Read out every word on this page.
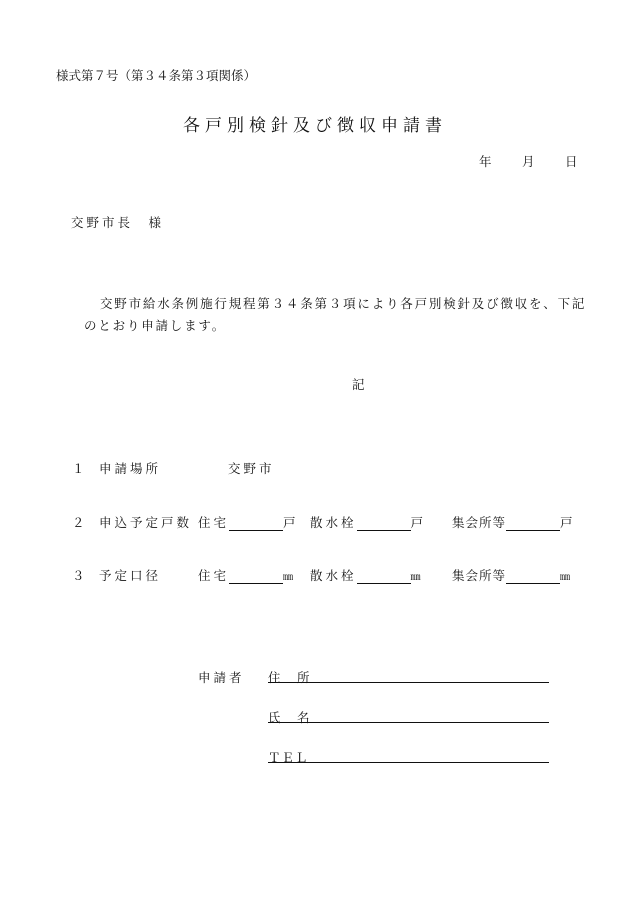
様式第７号（第３４条第３項関係）
各戸別検針及び徴収申請書
年 月 日
交野市長　様
交野市給水条例施行規程第３４条第３項により各戸別検針及び徴収を、下記
のとおり申請します。
記
１ 申請場所	交野市
２ 申込予定戸数 住宅	戸 散水栓	戸 集会所等	戸
３ 予定口径	住宅	㎜ 散水栓	㎜	集会所等	㎜
申請者 住　所
氏　名
ＴＥＬ
